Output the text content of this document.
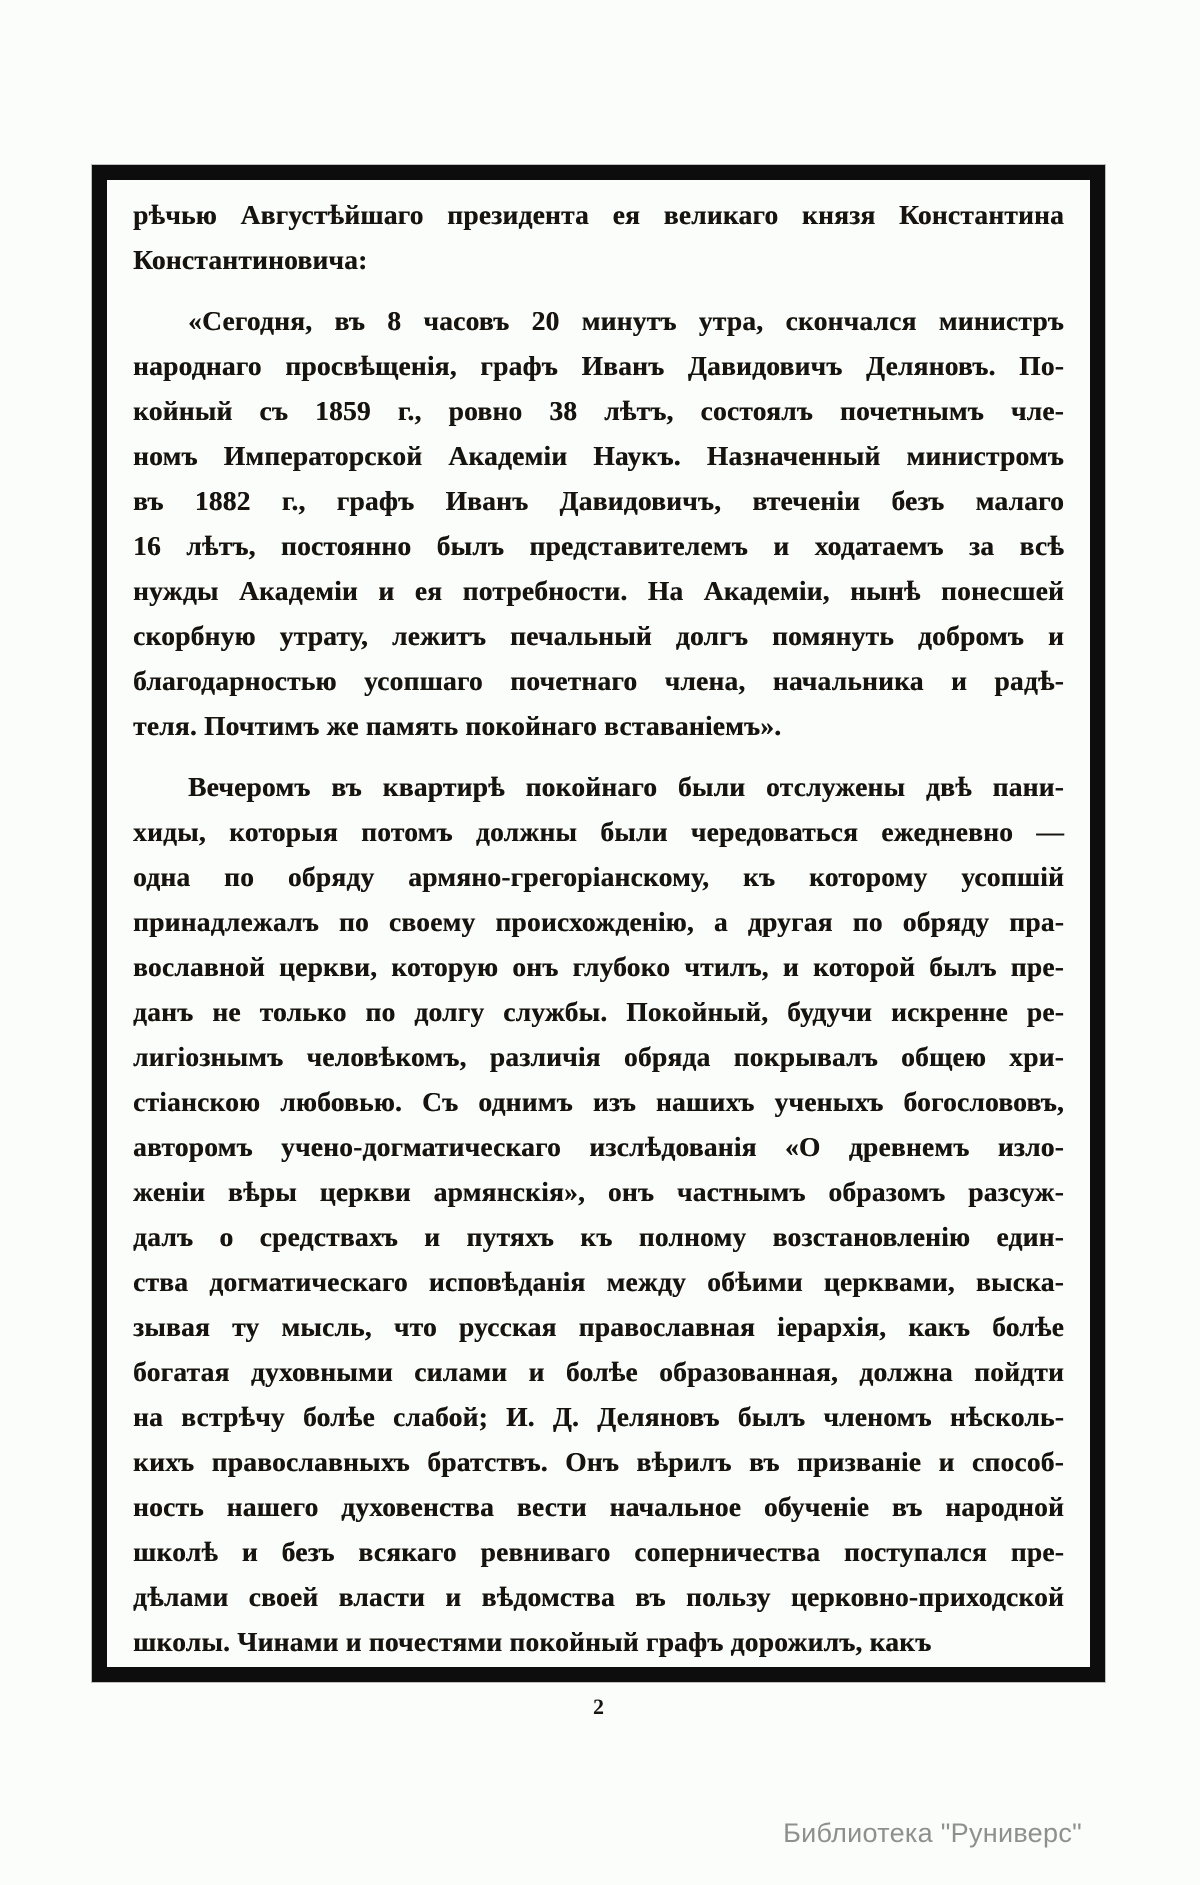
рѣчью Августѣйшаго президента ея великаго князя Константина
Константиновича:
«Сегодня, въ 8 часовъ 20 минутъ утра, скончался министръ
народнаго просвѣщенія, графъ Иванъ Давидовичъ Деляновъ. По-
койный съ 1859 г., ровно 38 лѣтъ, состоялъ почетнымъ чле-
номъ Императорской Академіи Наукъ. Назначенный министромъ
въ 1882 г., графъ Иванъ Давидовичъ, втеченіи безъ малаго
16 лѣтъ, постоянно былъ представителемъ и ходатаемъ за всѣ
нужды Академіи и ея потребности. На Академіи, нынѣ понесшей
скорбную утрату, лежитъ печальный долгъ помянуть добромъ и
благодарностью усопшаго почетнаго члена, начальника и радѣ-
теля. Почтимъ же память покойнаго вставаніемъ».
Вечеромъ въ квартирѣ покойнаго были отслужены двѣ пани-
хиды, которыя потомъ должны были чередоваться ежедневно —
одна по обряду армяно-грегоріанскому, къ которому усопшій
принадлежалъ по своему происхожденію, а другая по обряду пра-
вославной церкви, которую онъ глубоко чтилъ, и которой былъ пре-
данъ не только по долгу службы. Покойный, будучи искренне ре-
лигіознымъ человѣкомъ, различія обряда покрывалъ общею хри-
стіанскою любовью. Съ однимъ изъ нашихъ ученыхъ богослововъ,
авторомъ учено-догматическаго изслѣдованія «О древнемъ изло-
женіи вѣры церкви армянскія», онъ частнымъ образомъ разсуж-
далъ о средствахъ и путяхъ къ полному возстановленію един-
ства догматическаго исповѣданія между обѣими церквами, выска-
зывая ту мысль, что русская православная іерархія, какъ болѣе
богатая духовными силами и болѣе образованная, должна пойдти
на встрѣчу болѣе слабой; И. Д. Деляновъ былъ членомъ нѣсколь-
кихъ православныхъ братствъ. Онъ вѣрилъ въ призваніе и способ-
ность нашего духовенства вести начальное обученіе въ народной
школѣ и безъ всякаго ревниваго соперничества поступался пре-
дѣлами своей власти и вѣдомства въ пользу церковно-приходской
школы. Чинами и почестями покойный графъ дорожилъ, какъ
2
Библиотека "Руниверс"
